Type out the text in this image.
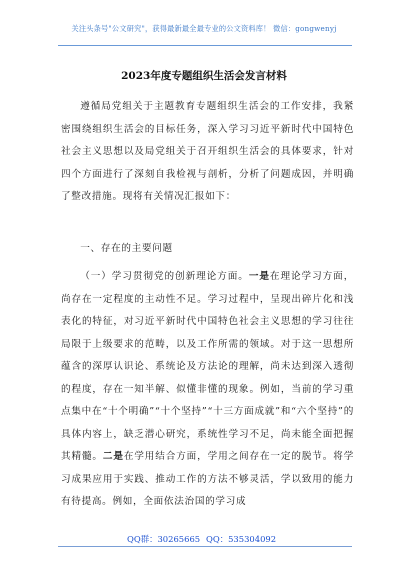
关注头条号"公文研究"，获得最新最全最专业的公文资料库！ 微信：gongwenyj
2023年度专题组织生活会发言材料

遵循局党组关于主题教育专题组织生活会的工作安排，我紧密围绕组织生活会的目标任务，深入学习习近平新时代中国特色社会主义思想以及局党组关于召开组织生活会的具体要求，针对四个方面进行了深刻自我检视与剖析，分析了问题成因，并明确了整改措施。现将有关情况汇报如下：

一、存在的主要问题

（一）学习贯彻党的创新理论方面。一是在理论学习方面，尚存在一定程度的主动性不足。学习过程中，呈现出碎片化和浅表化的特征，对习近平新时代中国特色社会主义思想的学习往往局限于上级要求的范畴，以及工作所需的领域。对于这一思想所蕴含的深厚认识论、系统论及方法论的理解，尚未达到深入透彻的程度，存在一知半解、似懂非懂的现象。例如，当前的学习重点集中在“十个明确”“十个坚持”“十三方面成就”和“六个坚持”的具体内容上，缺乏潜心研究，系统性学习不足，尚未能全面把握其精髓。二是在学用结合方面，学用之间存在一定的脱节。将学习成果应用于实践、推动工作的方法不够灵活，学以致用的能力有待提高。例如，全面依法治国的学习成

QQ群：30265665 QQ：535304092
